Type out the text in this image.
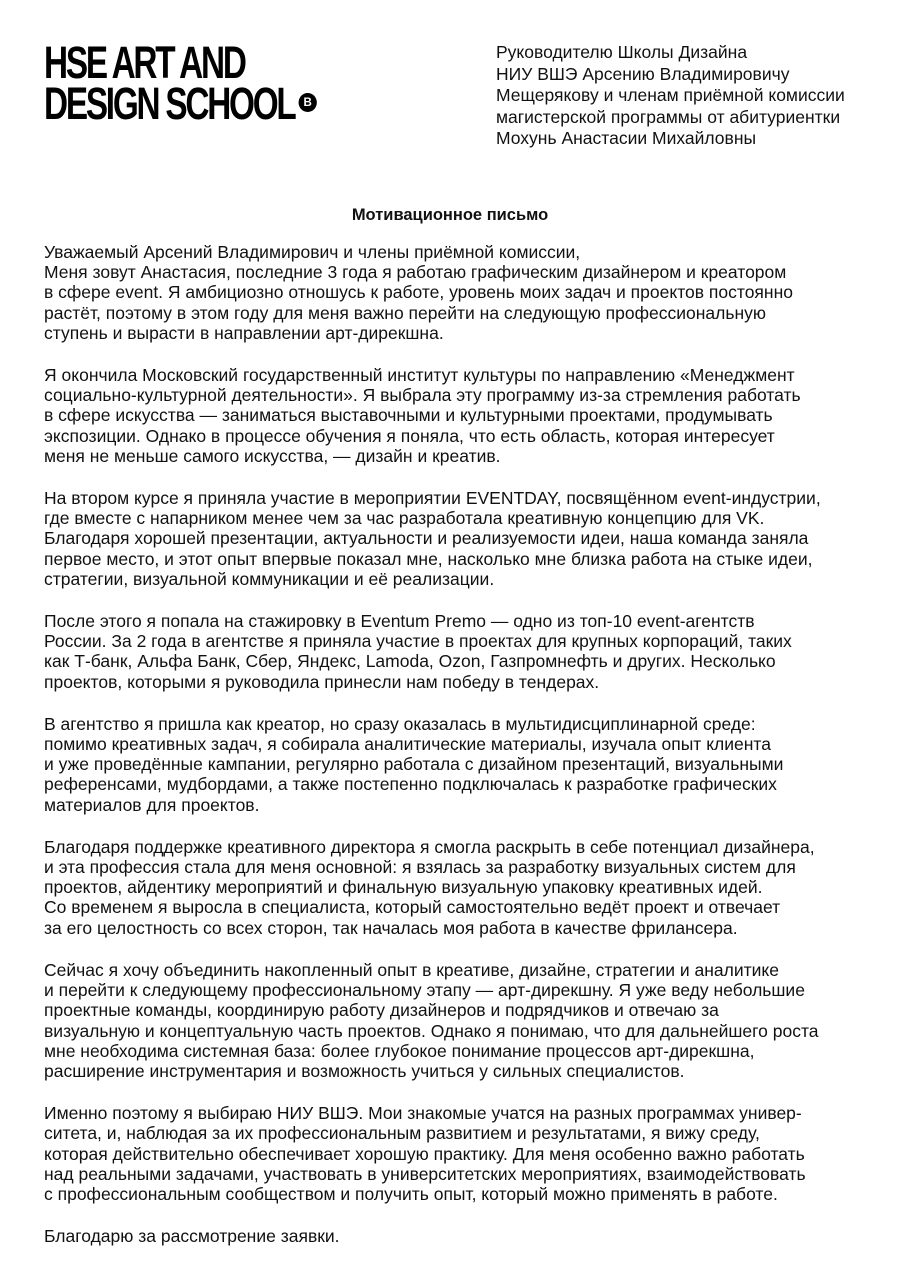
HSE ART AND
DESIGN SCHOOL В
Руководителю Школы Дизайна
НИУ ВШЭ Арсению Владимировичу
Мещерякову и членам приёмной комиссии
магистерской программы от абитуриентки
Мохунь Анастасии Михайловны
Мотивационное письмо
Уважаемый Арсений Владимирович и члены приёмной комиссии,
Меня зовут Анастасия, последние 3 года я работаю графическим дизайнером и креатором
в сфере event. Я амбициозно отношусь к работе, уровень моих задач и проектов постоянно
растёт, поэтому в этом году для меня важно перейти на следующую профессиональную
ступень и вырасти в направлении арт-дирекшна.
Я окончила Московский государственный институт культуры по направлению «Менеджмент
социально-культурной деятельности». Я выбрала эту программу из-за стремления работать
в сфере искусства — заниматься выставочными и культурными проектами, продумывать
экспозиции. Однако в процессе обучения я поняла, что есть область, которая интересует
меня не меньше самого искусства, — дизайн и креатив.
На втором курсе я приняла участие в мероприятии EVENTDAY, посвящённом event-индустрии,
где вместе с напарником менее чем за час разработала креативную концепцию для VK.
Благодаря хорошей презентации, актуальности и реализуемости идеи, наша команда заняла
первое место, и этот опыт впервые показал мне, насколько мне близка работа на стыке идеи,
стратегии, визуальной коммуникации и её реализации.
После этого я попала на стажировку в Eventum Premo — одно из топ-10 event-агентств
России. За 2 года в агентстве я приняла участие в проектах для крупных корпораций, таких
как Т-банк, Альфа Банк, Сбер, Яндекс, Lamoda, Ozon, Газпромнефть и других. Несколько
проектов, которыми я руководила принесли нам победу в тендерах.
В агентство я пришла как креатор, но сразу оказалась в мультидисциплинарной среде:
помимо креативных задач, я собирала аналитические материалы, изучала опыт клиента
и уже проведённые кампании, регулярно работала с дизайном презентаций, визуальными
референсами, мудбордами, а также постепенно подключалась к разработке графических
материалов для проектов.
Благодаря поддержке креативного директора я смогла раскрыть в себе потенциал дизайнера,
и эта профессия стала для меня основной: я взялась за разработку визуальных систем для
проектов, айдентику мероприятий и финальную визуальную упаковку креативных идей.
Со временем я выросла в специалиста, который самостоятельно ведёт проект и отвечает
за его целостность со всех сторон, так началась моя работа в качестве фрилансера.
Сейчас я хочу объединить накопленный опыт в креативе, дизайне, стратегии и аналитике
и перейти к следующему профессиональному этапу — арт-дирекшну. Я уже веду небольшие
проектные команды, координирую работу дизайнеров и подрядчиков и отвечаю за
визуальную и концептуальную часть проектов. Однако я понимаю, что для дальнейшего роста
мне необходима системная база: более глубокое понимание процессов арт-дирекшна,
расширение инструментария и возможность учиться у сильных специалистов.
Именно поэтому я выбираю НИУ ВШЭ. Мои знакомые учатся на разных программах универ-
ситета, и, наблюдая за их профессиональным развитием и результатами, я вижу среду,
которая действительно обеспечивает хорошую практику. Для меня особенно важно работать
над реальными задачами, участвовать в университетских мероприятиях, взаимодействовать
с профессиональным сообществом и получить опыт, который можно применять в работе.
Благодарю за рассмотрение заявки.
